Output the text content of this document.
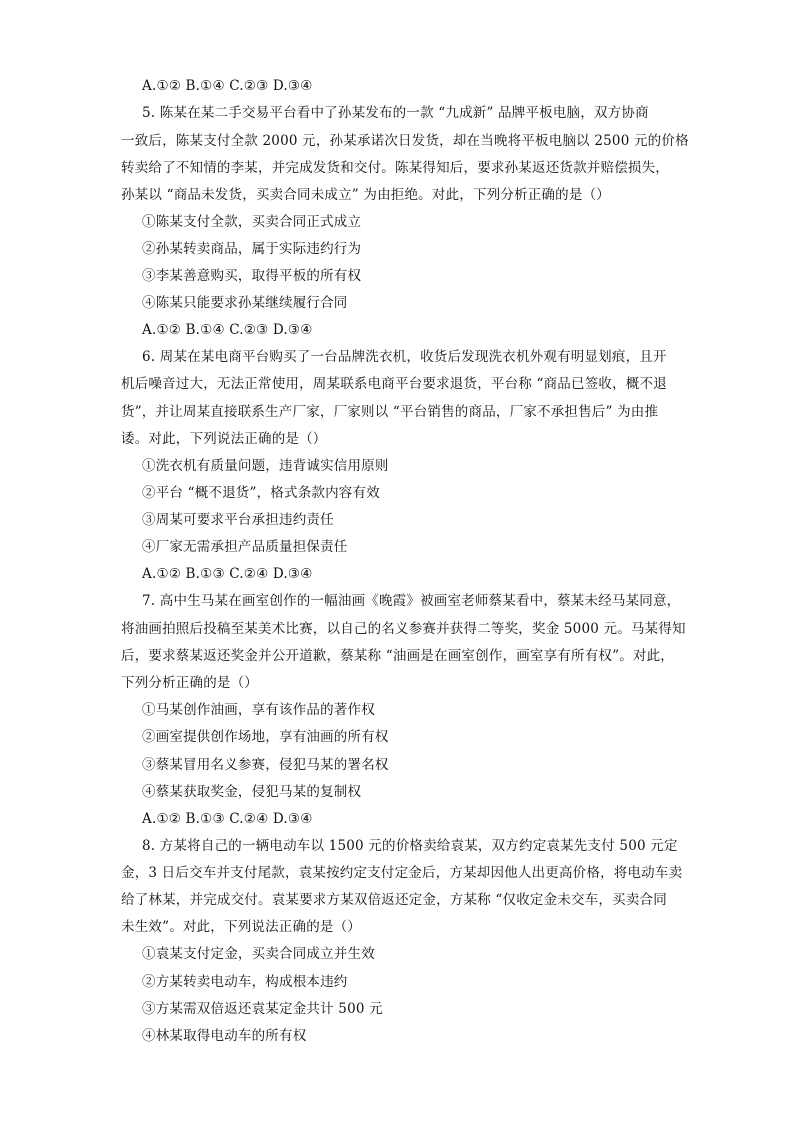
A.①② B.①④ C.②③ D.③④
5. 陈某在某二手交易平台看中了孙某发布的一款 “九成新” 品牌平板电脑，双方协商
一致后，陈某支付全款 2000 元，孙某承诺次日发货，却在当晚将平板电脑以 2500 元的价格
转卖给了不知情的李某，并完成发货和交付。陈某得知后，要求孙某返还货款并赔偿损失，
孙某以 “商品未发货，买卖合同未成立” 为由拒绝。对此，下列分析正确的是（）
①陈某支付全款，买卖合同正式成立
②孙某转卖商品，属于实际违约行为
③李某善意购买，取得平板的所有权
④陈某只能要求孙某继续履行合同
A.①② B.①④ C.②③ D.③④
6. 周某在某电商平台购买了一台品牌洗衣机，收货后发现洗衣机外观有明显划痕，且开
机后噪音过大，无法正常使用，周某联系电商平台要求退货，平台称 “商品已签收，概不退
货”，并让周某直接联系生产厂家，厂家则以 “平台销售的商品，厂家不承担售后” 为由推
诿。对此，下列说法正确的是（）
①洗衣机有质量问题，违背诚实信用原则
②平台 “概不退货”，格式条款内容有效
③周某可要求平台承担违约责任
④厂家无需承担产品质量担保责任
A.①② B.①③ C.②④ D.③④
7. 高中生马某在画室创作的一幅油画《晚霞》被画室老师蔡某看中，蔡某未经马某同意，
将油画拍照后投稿至某美术比赛，以自己的名义参赛并获得二等奖，奖金 5000 元。马某得知
后，要求蔡某返还奖金并公开道歉，蔡某称 “油画是在画室创作，画室享有所有权”。对此，
下列分析正确的是（）
①马某创作油画，享有该作品的著作权
②画室提供创作场地，享有油画的所有权
③蔡某冒用名义参赛，侵犯马某的署名权
④蔡某获取奖金，侵犯马某的复制权
A.①② B.①③ C.②④ D.③④
8. 方某将自己的一辆电动车以 1500 元的价格卖给袁某，双方约定袁某先支付 500 元定
金，3 日后交车并支付尾款，袁某按约定支付定金后，方某却因他人出更高价格，将电动车卖
给了林某，并完成交付。袁某要求方某双倍返还定金，方某称 “仅收定金未交车，买卖合同
未生效”。对此，下列说法正确的是（）
①袁某支付定金，买卖合同成立并生效
②方某转卖电动车，构成根本违约
③方某需双倍返还袁某定金共计 500 元
④林某取得电动车的所有权
